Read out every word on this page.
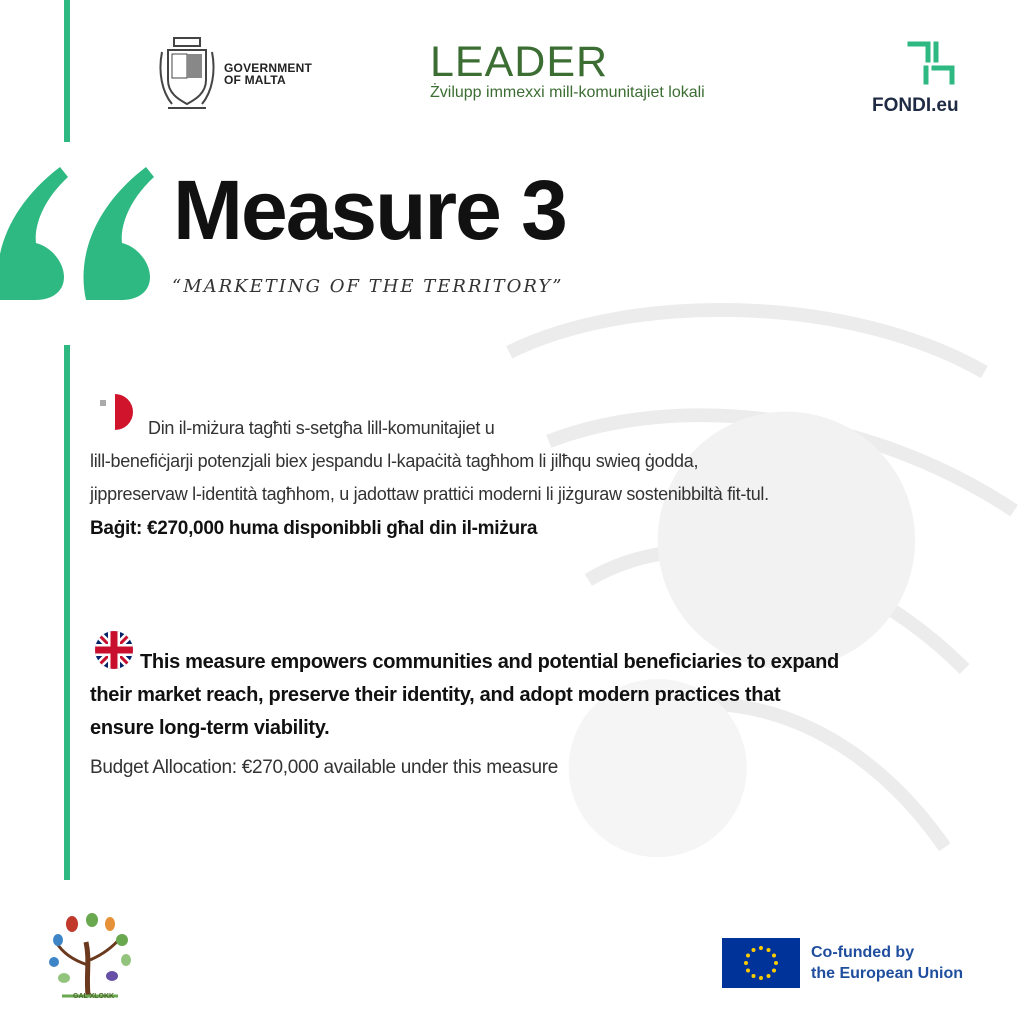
GOVERNMENT
OF MALTA	LEADER
Żvilupp immexxi mill-komunitajiet lokali
FONDI.eu
Measure 3
“MARKETING OF THE TERRITORY”
Din il-miżura tagħti s-setgħa lill-komunitajiet u
lill-benefiċjarji potenzjali biex jespandu l-kapaċità tagħhom li jilħqu swieq ġodda,
jippreservaw l-identità tagħhom, u jadottaw prattiċi moderni li jiżguraw sostenibbiltà fit-tul.
Baġit: €270,000 huma disponibbli għal din il-miżura
This measure empowers communities and potential beneficiaries to expand
their market reach, preserve their identity, and adopt modern practices that
ensure long-term viability.
Budget Allocation: €270,000 available under this measure
GAL XLOKK
Co-funded by
the European Union
